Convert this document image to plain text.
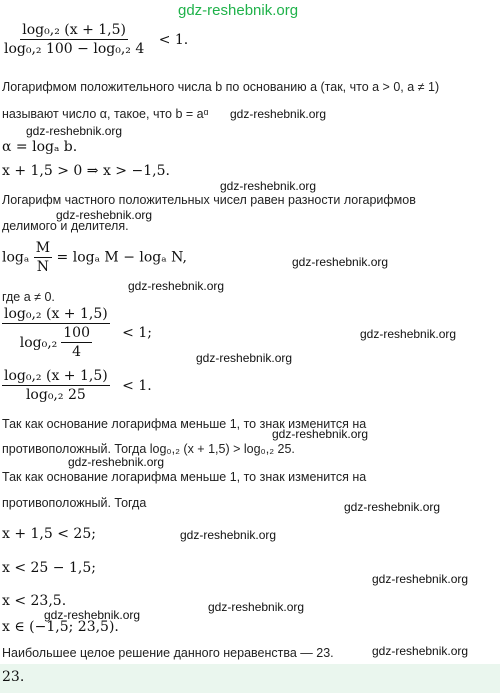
gdz-reshebnik.org
$\frac{\text{log₀,₂ (x + 1,5)}}{\text{log₀,₂ 100 − log₀,₂ 4}} < 1$.
Логарифмом положительного числа b по основанию a (так, что a > 0, a ≠ 1)
называют число α, такое, что b = aᵅ gdz-reshebnik.org
gdz-reshebnik.org
α = logₐ b.
x + 1,5 > 0 ⇒ x > −1,5.
gdz-reshebnik.org
Логарифм частного положительных чисел равен разности логарифмов
gdz-reshebnik.org
делимого и делителя.
logₐ $\frac{M}{N} = \log_a$ M − logₐ N,	gdz-reshebnik.org
gdz-reshebnik.org
где a ≠ 0.
$\frac{\text{log₀,₂ (x + 1,5)}}{\log_0,_2 \frac{100}{4}} < 1$;	gdz-reshebnik.org
gdz-reshebnik.org
$\frac{\text{log₀,₂ (x + 1,5)}}{\text{log₀,₂ 25}} < 1$.
Так как основание логарифма меньше 1, то знак изменится на
gdz-reshebnik.org
противоположный. Тогда log₀,₂ (x + 1,5) > log₀,₂ 25.
gdz-reshebnik.org
Так как основание логарифма меньше 1, то знак изменится на
противоположный. Тогда	gdz-reshebnik.org
x + 1,5 < 25;	gdz-reshebnik.org
x < 25 − 1,5;
gdz-reshebnik.org
x < 23,5.	gdz-reshebnik.org
gdz-reshebnik.org
x ∈ (−1,5; 23,5).
Наибольшее целое решение данного неравенства — 23.	gdz-reshebnik.org
23.
